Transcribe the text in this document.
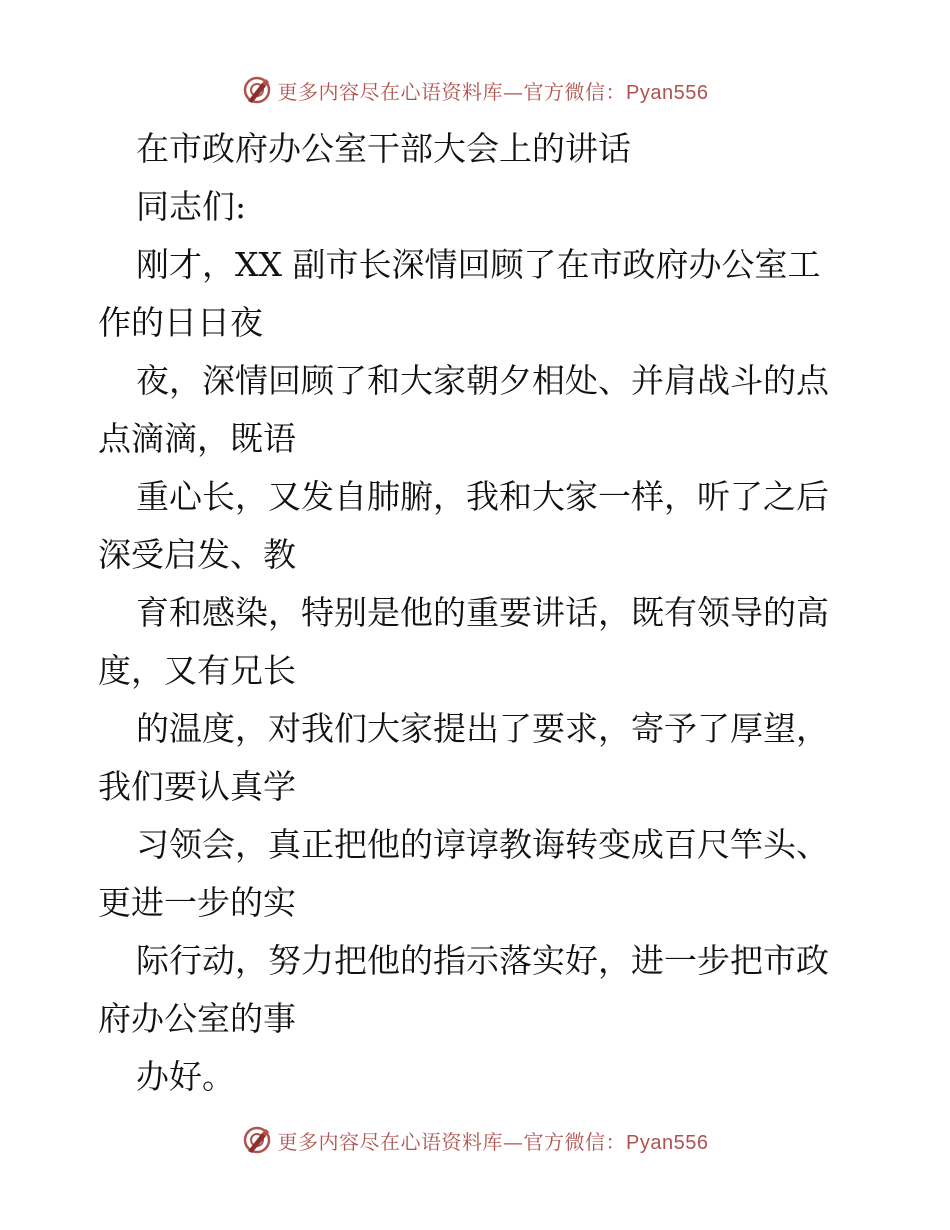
更多内容尽在心语资料库—官方微信：Pyan556

在市政府办公室干部大会上的讲话

同志们:

刚才，XX 副市长深情回顾了在市政府办公室工

作的日日夜

夜，深情回顾了和大家朝夕相处、并肩战斗的点

点滴滴，既语

重心长，又发自肺腑，我和大家一样，听了之后

深受启发、教

育和感染，特别是他的重要讲话，既有领导的高

度，又有兄长

的温度，对我们大家提出了要求，寄予了厚望，

我们要认真学

习领会，真正把他的谆谆教诲转变成百尺竿头、

更进一步的实

际行动，努力把他的指示落实好，进一步把市政

府办公室的事

办好。

更多内容尽在心语资料库—官方微信：Pyan556
